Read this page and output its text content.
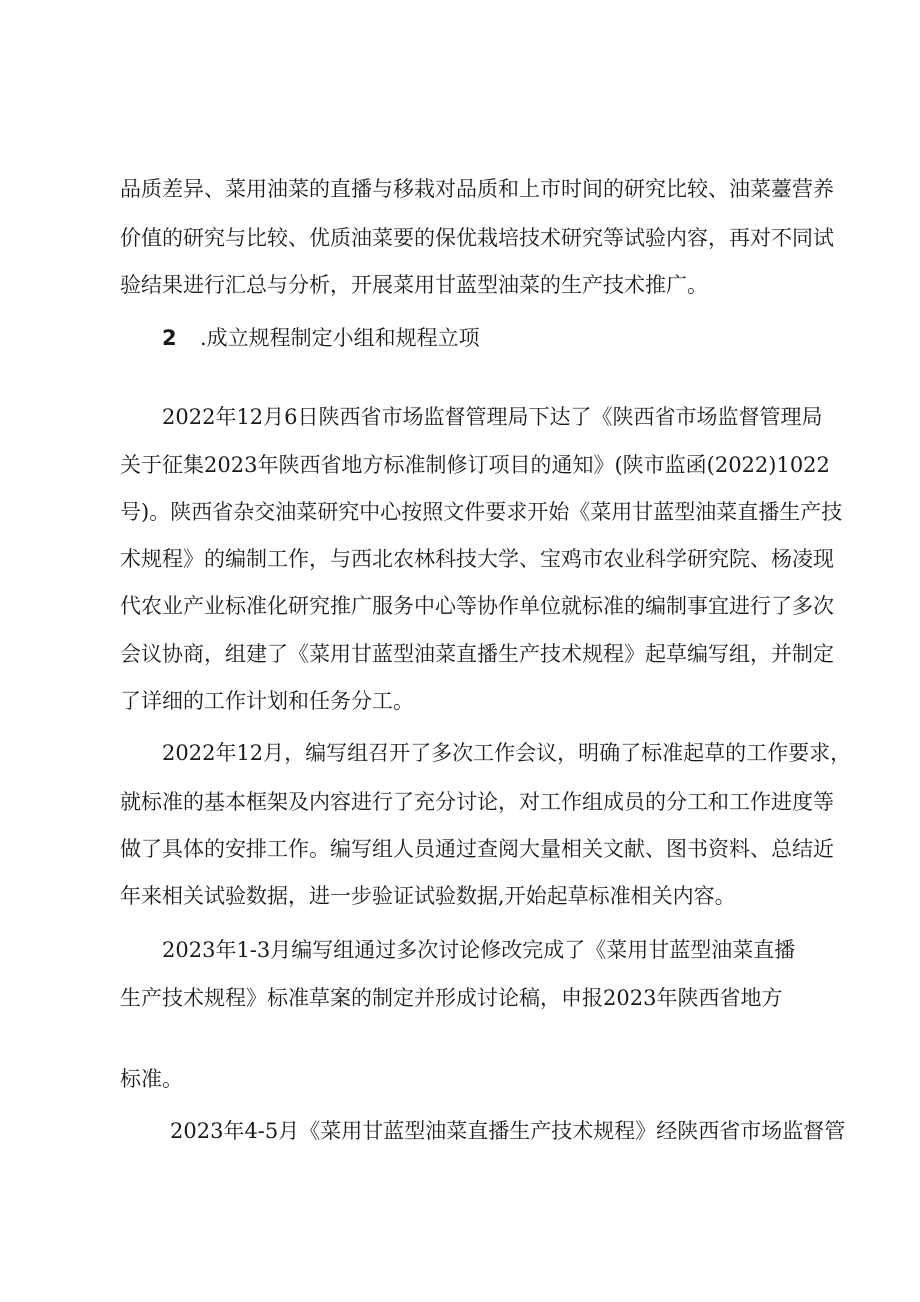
品质差异、菜用油菜的直播与移栽对品质和上市时间的研究比较、油菜薹营养
价值的研究与比较、优质油菜要的保优栽培技术研究等试验内容，再对不同试
验结果进行汇总与分析，开展菜用甘蓝型油菜的生产技术推广。
2 .成立规程制定小组和规程立项
2022年12月6日陕西省市场监督管理局下达了《陕西省市场监督管理局
关于征集2023年陕西省地方标准制修订项目的通知》(陕市监函(2022)1022
号)。陕西省杂交油菜研究中心按照文件要求开始《菜用甘蓝型油菜直播生产技
术规程》的编制工作，与西北农林科技大学、宝鸡市农业科学研究院、杨凌现
代农业产业标准化研究推广服务中心等协作单位就标准的编制事宜进行了多次
会议协商，组建了《菜用甘蓝型油菜直播生产技术规程》起草编写组，并制定
了详细的工作计划和任务分工。
2022年12月，编写组召开了多次工作会议，明确了标准起草的工作要求，
就标准的基本框架及内容进行了充分讨论，对工作组成员的分工和工作进度等
做了具体的安排工作。编写组人员通过查阅大量相关文献、图书资料、总结近
年来相关试验数据，进一步验证试验数据,开始起草标准相关内容。
2023年1-3月编写组通过多次讨论修改完成了《菜用甘蓝型油菜直播
生产技术规程》标准草案的制定并形成讨论稿，申报2023年陕西省地方
标准。
2023年4-5月《菜用甘蓝型油菜直播生产技术规程》经陕西省市场监督管
